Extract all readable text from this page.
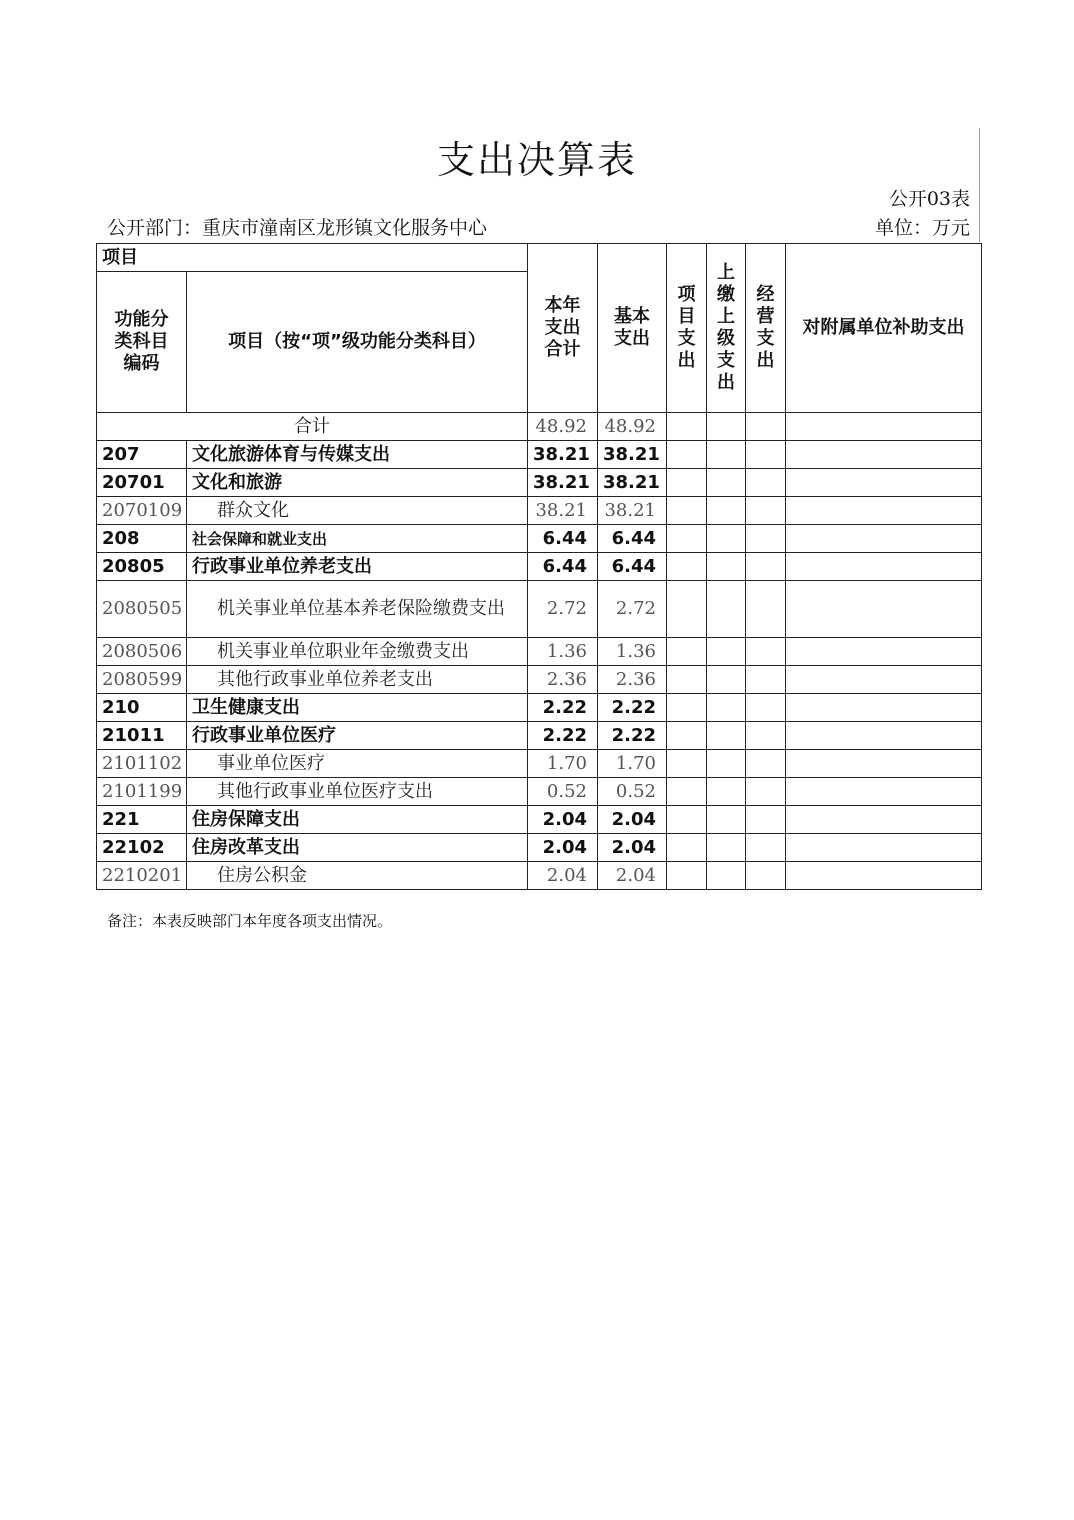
支出决算表
公开03表
公开部门：重庆市潼南区龙形镇文化服务中心	单位：万元
项目		本年支出合计	基本支出	项目支出	上缴上级支出	经营支出	对附属单位补助支出
功能分类科目编码	项目（按“项”级功能分类科目）						
合计		48.92	48.92				
207	文化旅游体育与传媒支出	38.21	38.21				
20701	文化和旅游	38.21	38.21				
2070109	群众文化	38.21	38.21				
208	社会保障和就业支出	6.44	6.44				
20805	行政事业单位养老支出	6.44	6.44				
2080505	机关事业单位基本养老保险缴费支出	2.72	2.72				
2080506	机关事业单位职业年金缴费支出	1.36	1.36				
2080599	其他行政事业单位养老支出	2.36	2.36				
210	卫生健康支出	2.22	2.22				
21011	行政事业单位医疗	2.22	2.22				
2101102	事业单位医疗	1.70	1.70				
2101199	其他行政事业单位医疗支出	0.52	0.52				
221	住房保障支出	2.04	2.04				
22102	住房改革支出	2.04	2.04				
2210201	住房公积金	2.04	2.04				
备注：本表反映部门本年度各项支出情况。
